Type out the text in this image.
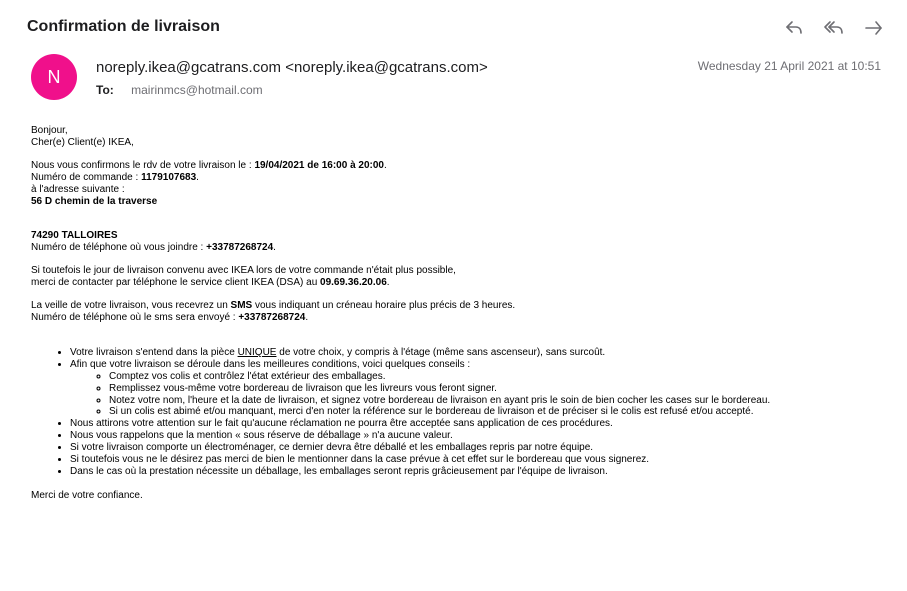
Confirmation de livraison
N	noreply.ikea@gcatrans.com <noreply.ikea@gcatrans.com>
To: mairinmcs@hotmail.com
Wednesday 21 April 2021 at 10:51

Bonjour,

Cher(e) Client(e) IKEA,

Nous vous confirmons le rdv de votre livraison le : 19/04/2021 de 16:00 à 20:00.

Numéro de commande : 1179107683.

à l'adresse suivante :

56 D chemin de la traverse

74290 TALLOIRES

Numéro de téléphone où vous joindre : +33787268724.

Si toutefois le jour de livraison convenu avec IKEA lors de votre commande n'était plus possible,

merci de contacter par téléphone le service client IKEA (DSA) au 09.69.36.20.06.

La veille de votre livraison, vous recevrez un SMS vous indiquant un créneau horaire plus précis de 3 heures.

Numéro de téléphone où le sms sera envoyé : +33787268724.

• Votre livraison s'entend dans la pièce UNIQUE de votre choix, y compris à l'étage (même sans ascenseur), sans surcoût.
• Afin que votre livraison se déroule dans les meilleures conditions, voici quelques conseils :
◦ Comptez vos colis et contrôlez l'état extérieur des emballages.
◦ Remplissez vous-même votre bordereau de livraison que les livreurs vous feront signer.
◦ Notez votre nom, l'heure et la date de livraison, et signez votre bordereau de livraison en ayant pris le soin de bien cocher les cases sur le bordereau.
◦ Si un colis est abimé et/ou manquant, merci d'en noter la référence sur le bordereau de livraison et de préciser si le colis est refusé et/ou accepté.
• Nous attirons votre attention sur le fait qu'aucune réclamation ne pourra être acceptée sans application de ces procédures.
• Nous vous rappelons que la mention « sous réserve de déballage » n'a aucune valeur.
• Si votre livraison comporte un électroménager, ce dernier devra être déballé et les emballages repris par notre équipe.
• Si toutefois vous ne le désirez pas merci de bien le mentionner dans la case prévue à cet effet sur le bordereau que vous signerez.
• Dans le cas où la prestation nécessite un déballage, les emballages seront repris grâcieusement par l'équipe de livraison.

Merci de votre confiance.
